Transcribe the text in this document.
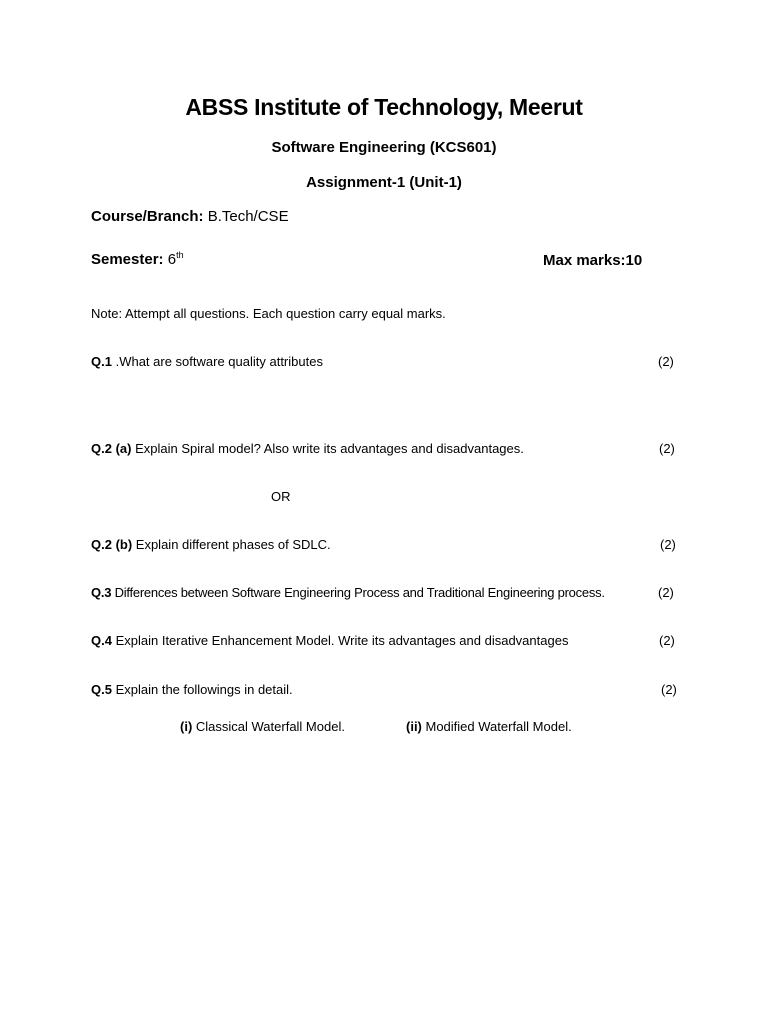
ABSS Institute of Technology, Meerut
Software Engineering (KCS601)
Assignment-1 (Unit-1)
Course/Branch: B.Tech/CSE
Semester: 6th	Max marks:10
Note: Attempt all questions. Each question carry equal marks.
Q.1 .What are software quality attributes	(2)
Q.2 (a) Explain Spiral model? Also write its advantages and disadvantages.	(2)
OR
Q.2 (b) Explain different phases of SDLC.	(2)
Q.3 Differences between Software Engineering Process and Traditional Engineering process.	(2)
Q.4 Explain Iterative Enhancement Model. Write its advantages and disadvantages	(2)
Q.5 Explain the followings in detail.	(2)
(i) Classical Waterfall Model.	(ii) Modified Waterfall Model.
